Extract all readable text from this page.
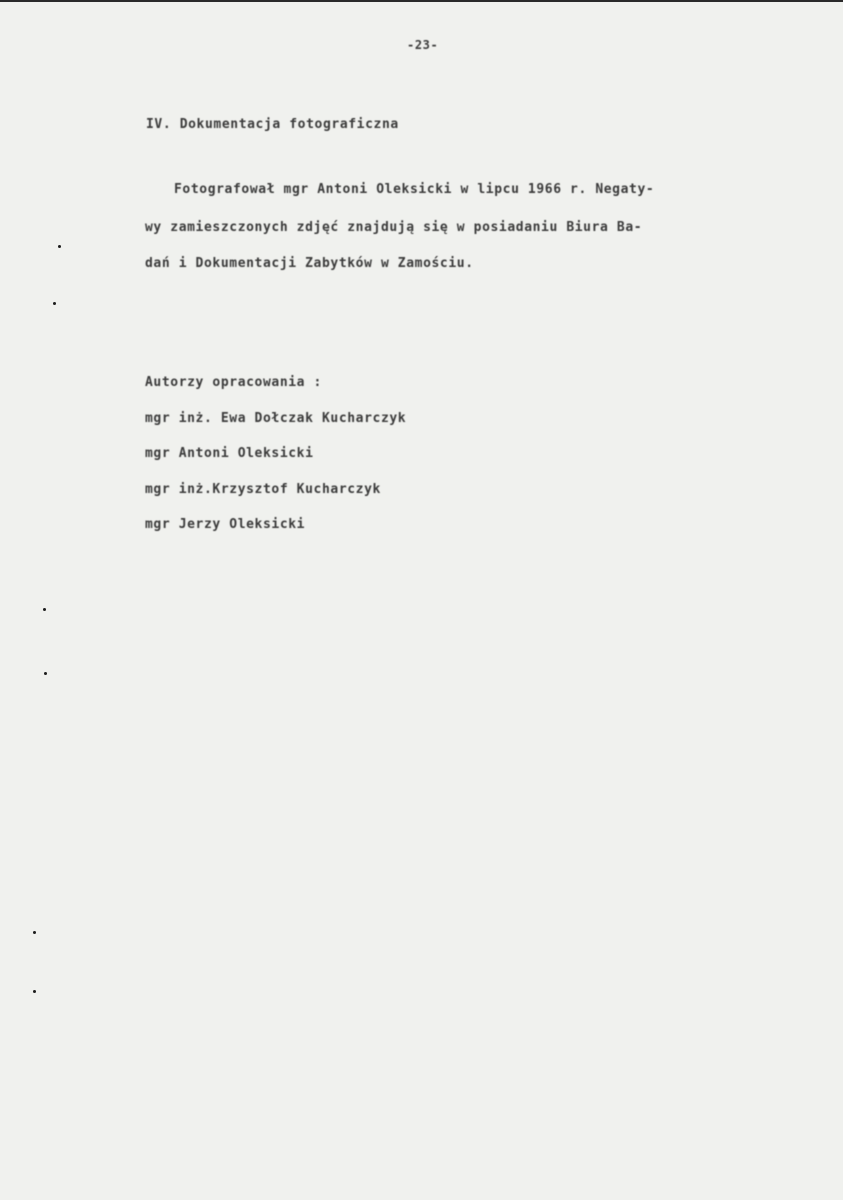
-23-
IV. Dokumentacja fotograficzna
Fotografował mgr Antoni Oleksicki w lipcu 1966 r. Negaty-
wy zamieszczonych zdjęć znajdują się w posiadaniu Biura Ba-
dań i Dokumentacji Zabytków w Zamościu.
Autorzy opracowania :
mgr inż. Ewa Dołczak Kucharczyk
mgr Antoni Oleksicki
mgr inż.Krzysztof Kucharczyk
mgr Jerzy Oleksicki
